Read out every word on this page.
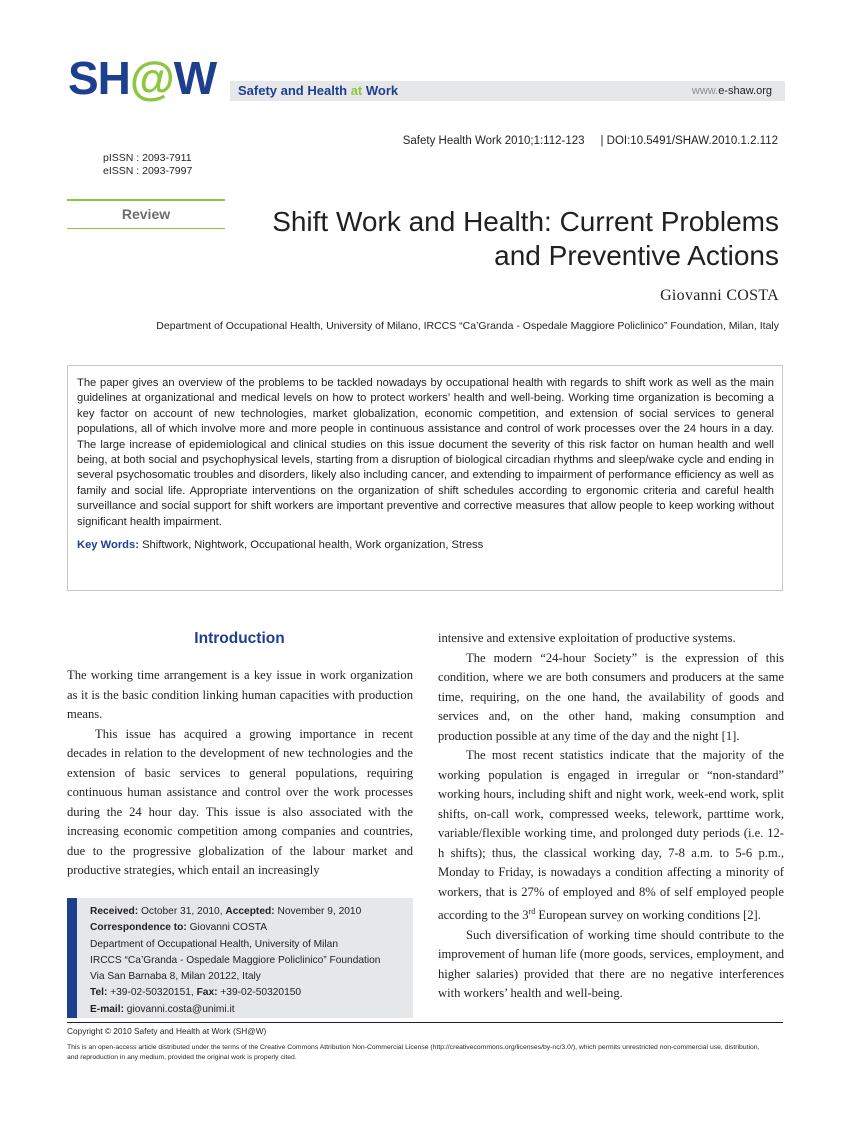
SH@W Safety and Health at Work	www.e-shaw.org
Safety Health Work 2010;1:112-123     | DOI:10.5491/SHAW.2010.1.2.112
pISSN : 2093-7911
eISSN : 2093-7997
Review	Shift Work and Health: Current Problems
and Preventive Actions
Giovanni COSTA
Department of Occupational Health, University of Milano, IRCCS “Ca’Granda - Ospedale Maggiore Policlinico” Foundation, Milan, Italy
The paper gives an overview of the problems to be tackled nowadays by occupational health with regards to shift work as well as the main guidelines at organizational and medical levels on how to protect workers’ health and well-being. Working time organization is becoming a key factor on account of new technologies, market globalization, economic competition, and extension of social services to general populations, all of which involve more and more people in continuous assistance and control of work processes over the 24 hours in a day. The large increase of epidemiological and clinical studies on this issue document the severity of this risk factor on human health and well being, at both social and psychophysical levels, starting from a disruption of biological circadian rhythms and sleep/wake cycle and ending in several psychosomatic troubles and disorders, likely also including cancer, and extending to impairment of performance efficiency as well as family and social life. Appropriate interventions on the organization of shift schedules according to ergonomic criteria and careful health surveillance and social support for shift workers are important preventive and corrective measures that allow people to keep working without significant health impairment.
Key Words: Shiftwork, Nightwork, Occupational health, Work organization, Stress
Introduction

The working time arrangement is a key issue in work organization as it is the basic condition linking human capacities with production means.

This issue has acquired a growing importance in recent decades in relation to the development of new technologies and the extension of basic services to general populations, requiring continuous human assistance and control over the work processes during the 24 hour day. This issue is also associated with the increasing economic competition among companies and countries, due to the progressive globalization of the labour market and productive strategies, which entail an increasingly

intensive and extensive exploitation of productive systems.

The modern “24-hour Society” is the expression of this condition, where we are both consumers and producers at the same time, requiring, on the one hand, the availability of goods and services and, on the other hand, making consumption and production possible at any time of the day and the night [1].

The most recent statistics indicate that the majority of the working population is engaged in irregular or “non-standard” working hours, including shift and night work, week-end work, split shifts, on-call work, compressed weeks, telework, parttime work, variable/flexible working time, and prolonged duty periods (i.e. 12-h shifts); thus, the classical working day, 7-8 a.m. to 5-6 p.m., Monday to Friday, is nowadays a condition affecting a minority of workers, that is 27% of employed and 8% of self employed people according to the 3rd European survey on working conditions [2].

Such diversification of working time should contribute to the improvement of human life (more goods, services, employment, and higher salaries) provided that there are no negative interferences with workers’ health and well-being.

Received: October 31, 2010, Accepted: November 9, 2010
Correspondence to: Giovanni COSTA
Department of Occupational Health, University of Milan
IRCCS “Ca’Granda - Ospedale Maggiore Policlinico” Foundation
Via San Barnaba 8, Milan 20122, Italy
Tel: +39-02-50320151, Fax: +39-02-50320150
E-mail: giovanni.costa@unimi.it
Copyright © 2010 Safety and Health at Work (SH@W)
This is an open-access article distributed under the terms of the Creative Commons Attribution Non-Commercial License (http://creativecommons.org/licenses/by-nc/3.0/), which permits unrestricted non-commercial use, distribution, and reproduction in any medium, provided the original work is properly cited.
